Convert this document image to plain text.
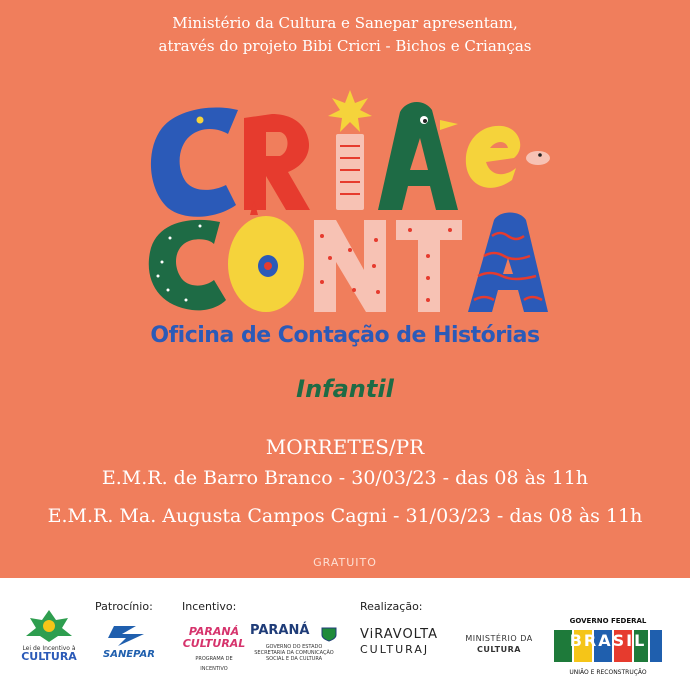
Ministério da Cultura e Sanepar apresentam,
através do projeto Bibi Cricri - Bichos e Crianças
Oficina de Contação de Histórias
Infantil
MORRETES/PR
E.M.R. de Barro Branco - 30/03/23 - das 08 às 11h
E.M.R. Ma. Augusta Campos Cagni - 31/03/23 - das 08 às 11h
GRATUITO
Patrocínio:	Incentivo:	Realização:
Lei de Incentivo à
CULTURA	SANEPAR
PARANÁ CULTURAL
PROGRAMA DE INCENTIVO
PARANÁ
GOVERNO DO ESTADO
SECRETARIA DA COMUNICAÇÃO
SOCIAL E DA CULTURA
ViRAVOLTA
CULTURAJ
MINISTÉRIO DA
CULTURA
GOVERNO FEDERAL
BRASIL
UNIÃO E RECONSTRUÇÃO
